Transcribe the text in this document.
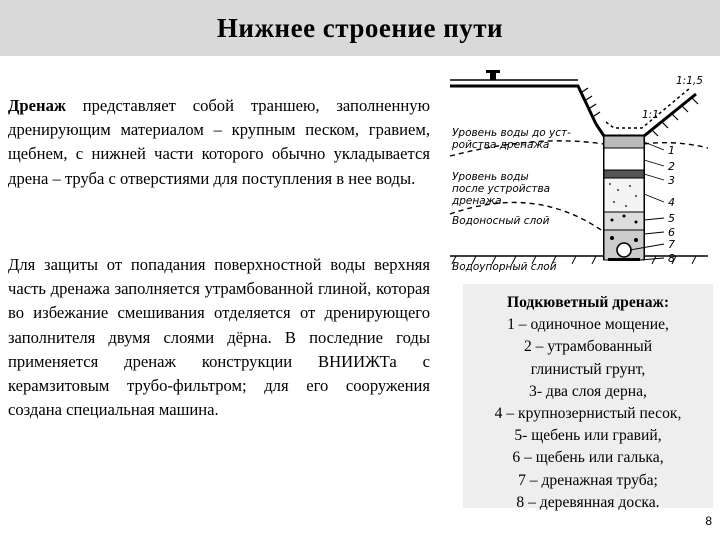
Нижнее строение пути

Дренаж представляет собой траншею, заполненную дренирующим материалом – крупным песком, гравием, щебнем, с нижней части которого обычно укладывается дрена – труба с отверстиями для поступления в нее воды.

Для защиты от попадания поверхностной воды верхняя часть дренажа заполняется утрамбованной глиной, которая во избежание смешивания отделяется от дренирующего заполнителя двумя слоями дёрна. В последние годы применяется дренаж конструкции ВНИИЖТа с керамзитовым трубо-фильтром; для его сооружения создана специальная машина.

1:1,5
1:1
Уровень воды до уст-
ройства дренажа
Уровень воды
после устройства
дренажа
Водоносный слой
Водоупорный слой
1
2
3
4
5
6
7
8
Подкюветный дренаж:
1 – одиночное мощение,
2 – утрамбованный
глинистый грунт,
3- два слоя дерна,
4 – крупнозернистый песок,
5- щебень или гравий,
6 – щебень или галька,
7 – дренажная труба;
8 – деревянная доска.
8
